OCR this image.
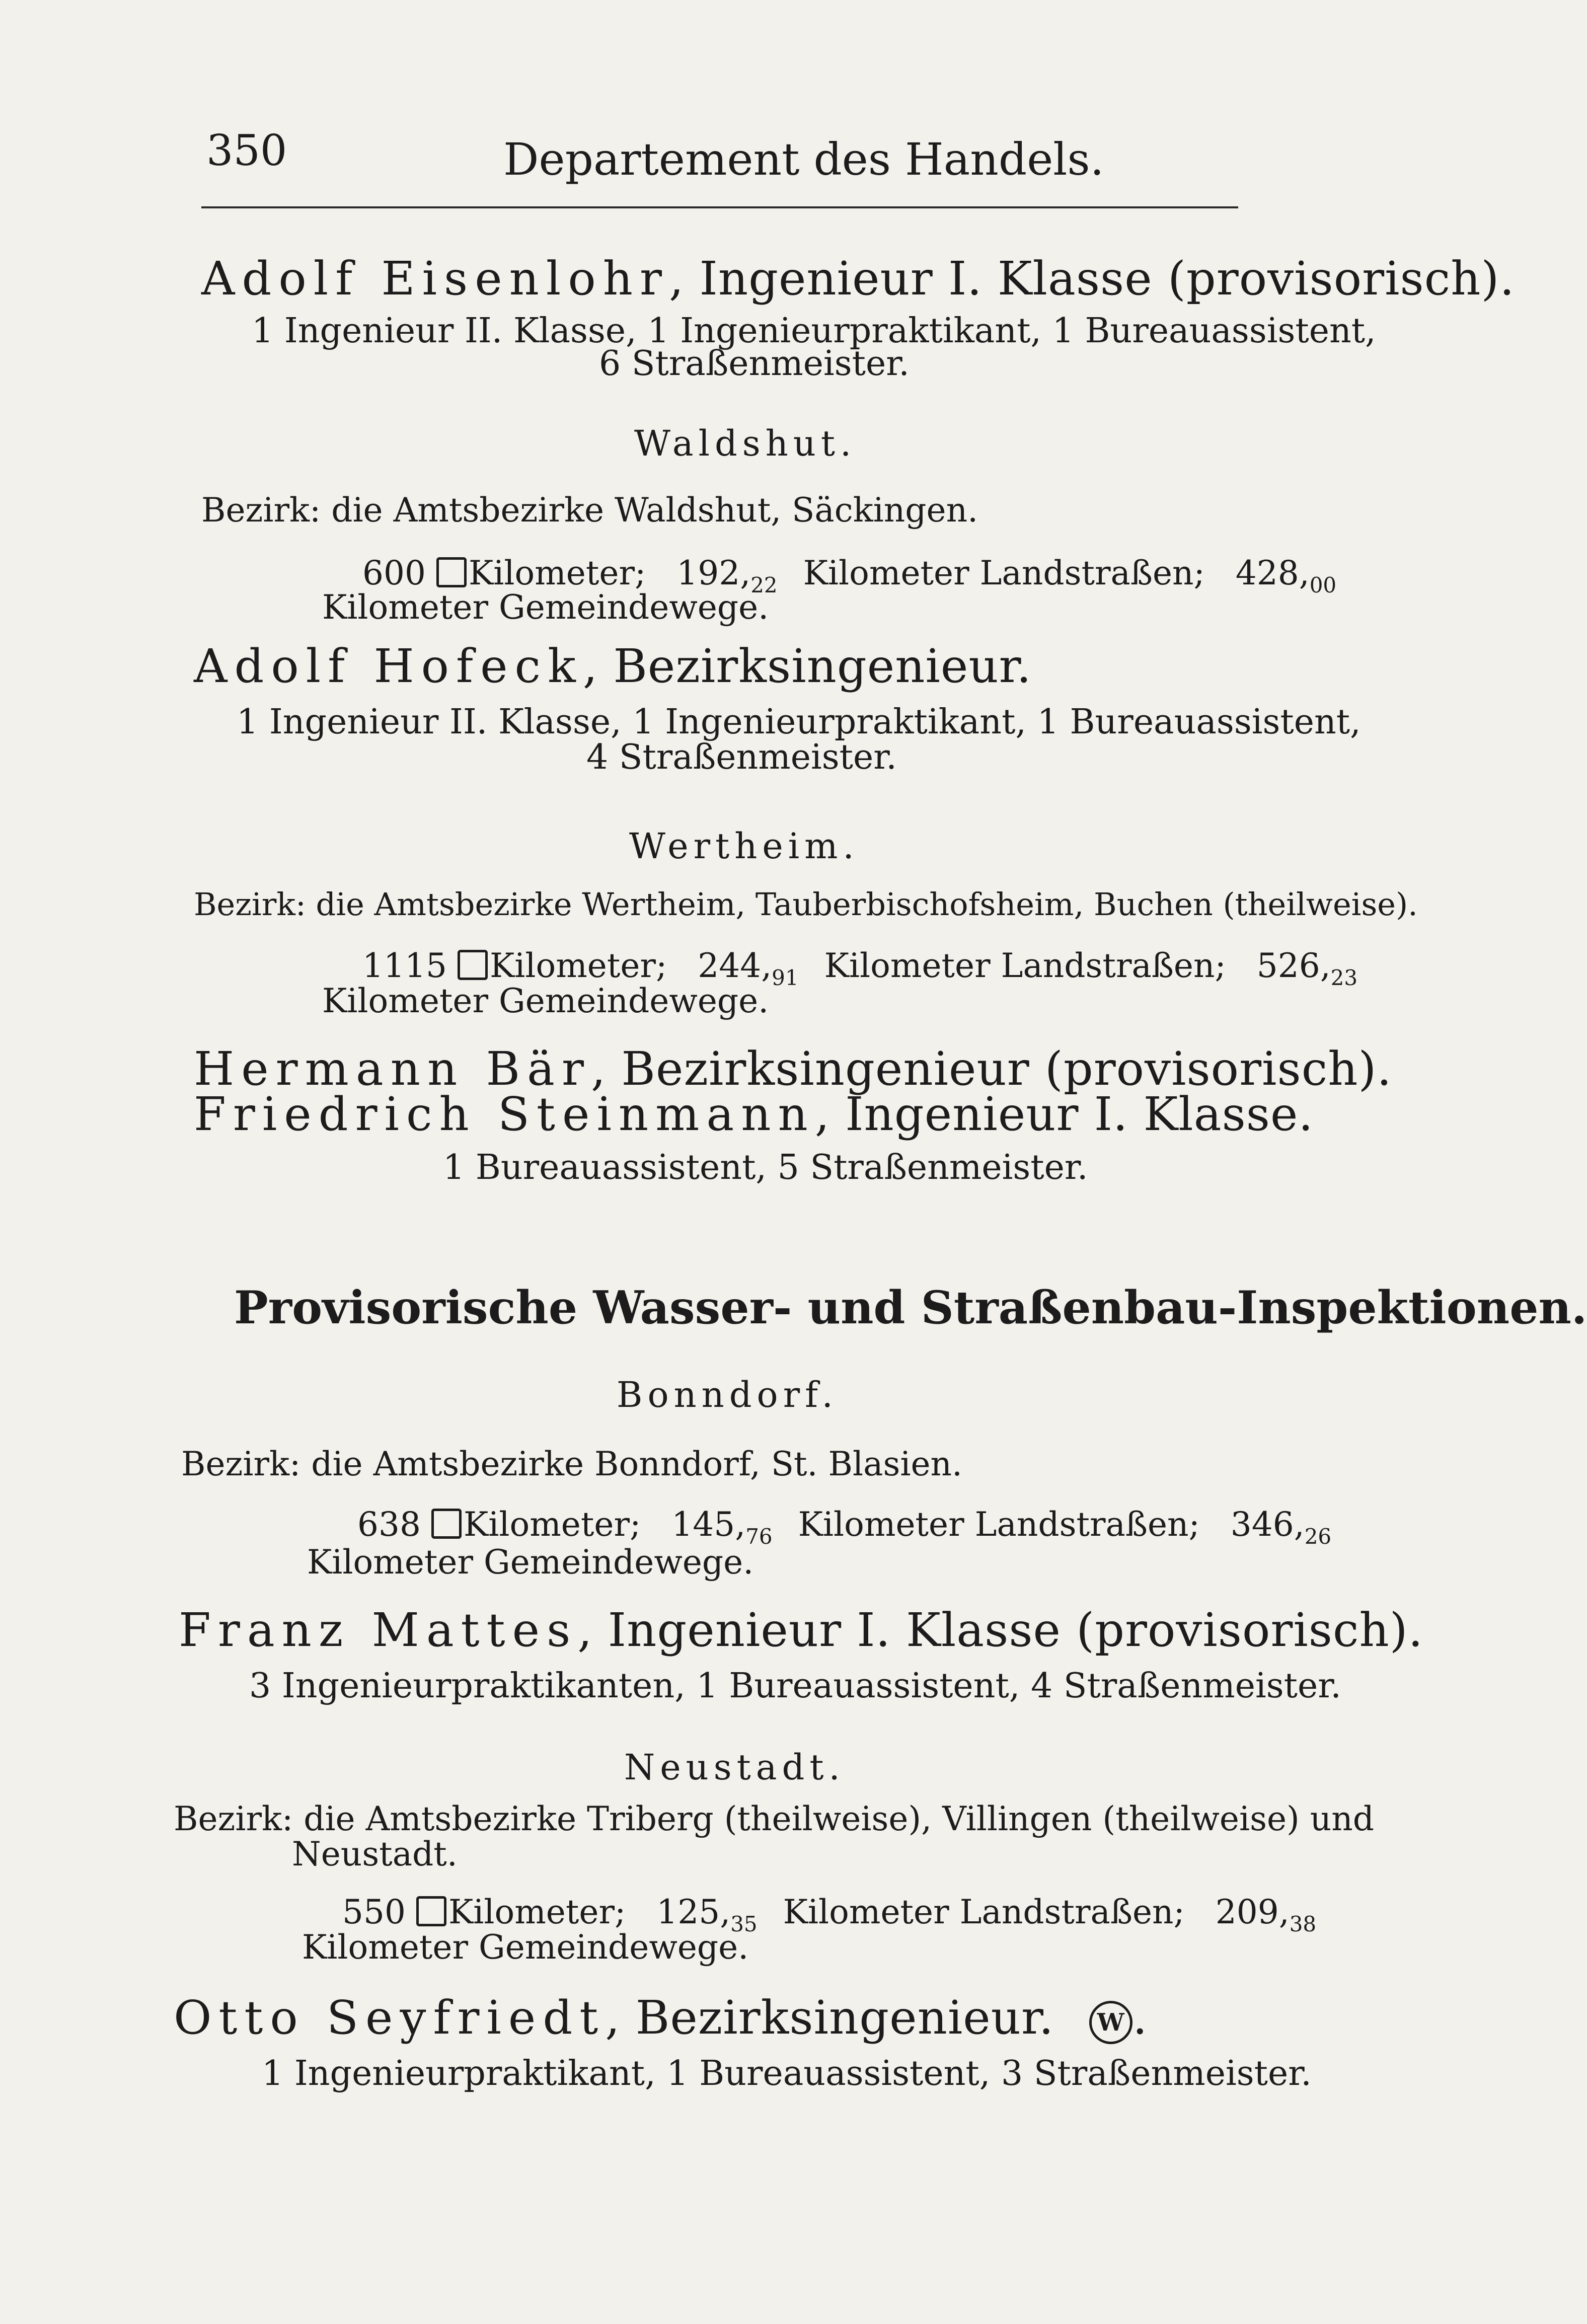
350	Departement des Handels.
Adolf Eisenlohr, Ingenieur I. Klasse (provisorisch).
1 Ingenieur II. Klasse, 1 Ingenieurpraktikant, 1 Bureauassistent,
6 Straßenmeister.
Waldshut.
Bezirk: die Amtsbezirke Waldshut, Säckingen.
600 Kilometer; $192,_{22}$ Kilometer Landstraßen; $428,_{00}$
Kilometer Gemeindewege.
Adolf Hofeck, Bezirksingenieur.
1 Ingenieur II. Klasse, 1 Ingenieurpraktikant, 1 Bureauassistent,
4 Straßenmeister.
Wertheim.
Bezirk: die Amtsbezirke Wertheim, Tauberbischofsheim, Buchen (theilweise).
1115 Kilometer; $244,_{91}$ Kilometer Landstraßen; $526,_{23}$
Kilometer Gemeindewege.
Hermann Bär, Bezirksingenieur (provisorisch).
Friedrich Steinmann, Ingenieur I. Klasse.
1 Bureauassistent, 5 Straßenmeister.
Provisorische Wasser- und Straßenbau-Inspektionen.
Bonndorf.
Bezirk: die Amtsbezirke Bonndorf, St. Blasien.
638 Kilometer; $145,_{76}$ Kilometer Landstraßen; $346,_{26}$
Kilometer Gemeindewege.
Franz Mattes, Ingenieur I. Klasse (provisorisch).
3 Ingenieurpraktikanten, 1 Bureauassistent, 4 Straßenmeister.
Neustadt.
Bezirk: die Amtsbezirke Triberg (theilweise), Villingen (theilweise) und
Neustadt.
550 Kilometer; $125,_{35}$ Kilometer Landstraßen; $209,_{38}$
Kilometer Gemeindewege.
Otto Seyfriedt, Bezirksingenieur. W .
1 Ingenieurpraktikant, 1 Bureauassistent, 3 Straßenmeister.
